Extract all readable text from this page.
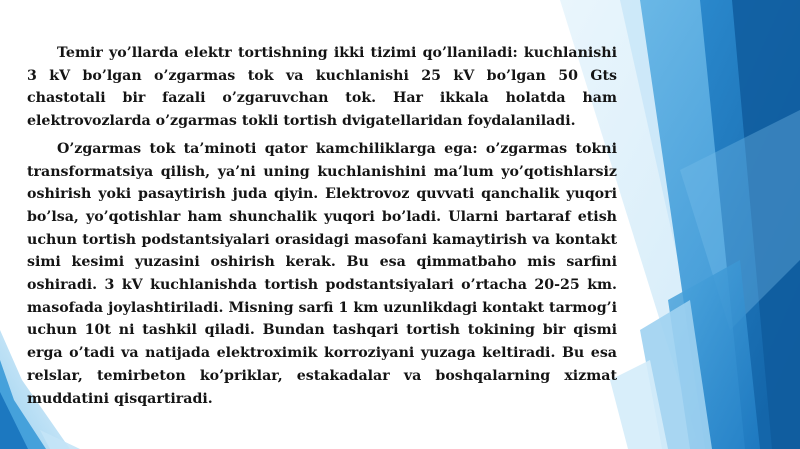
Temir yo’llarda elektr tortishning ikki tizimi qo’llaniladi: kuchlanishi 3 kV bo’lgan o’zgarmas tok va kuchlanishi 25 kV bo’lgan 50 Gts chastotali bir fazali o’zgaruvchan tok. Har ikkala holatda ham elektrovozlarda o’zgarmas tokli tortish dvigatellaridan foydalaniladi.

O’zgarmas tok ta’minoti qator kamchiliklarga ega: o’zgarmas tokni transformatsiya qilish, ya’ni uning kuchlanishini ma’lum yo’qotishlarsiz oshirish yoki pasaytirish juda qiyin. Elektrovoz quvvati qanchalik yuqori bo’lsa, yo’qotishlar ham shunchalik yuqori bo’ladi. Ularni bartaraf etish uchun tortish podstantsiyalari orasidagi masofani kamaytirish va kontakt simi kesimi yuzasini oshirish kerak. Bu esa qimmatbaho mis sarfini oshiradi. 3 kV kuchlanishda tortish podstantsiyalari o’rtacha 20-25 km. masofada joylashtiriladi. Misning sarfi 1 km uzunlikdagi kontakt tarmog’i uchun 10t ni tashkil qiladi. Bundan tashqari tortish tokining bir qismi erga o’tadi va natijada elektroximik korroziyani yuzaga keltiradi. Bu esa relslar, temirbeton ko’priklar, estakadalar va boshqalarning xizmat muddatini qisqartiradi.
